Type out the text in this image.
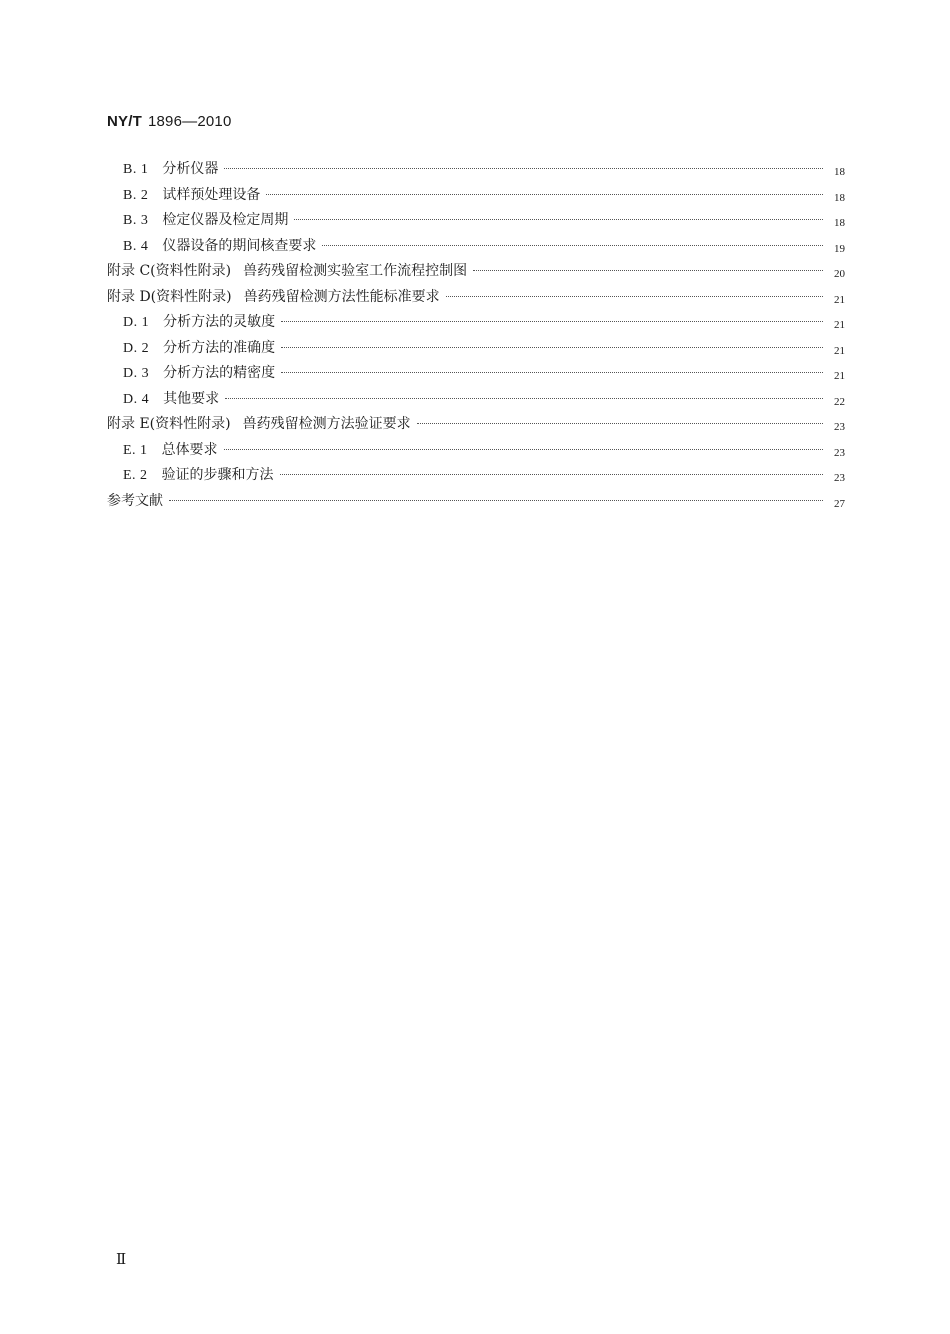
NY/T 1896—2010
B. 1 分析仪器	18
B. 2 试样预处理设备	18
B. 3 检定仪器及检定周期	18
B. 4 仪器设备的期间核查要求	19
附录 C(资料性附录) 兽药残留检测实验室工作流程控制图	20
附录 D(资料性附录) 兽药残留检测方法性能标准要求	21
D. 1 分析方法的灵敏度	21
D. 2 分析方法的准确度	21
D. 3 分析方法的精密度	21
D. 4 其他要求	22
附录 E(资料性附录) 兽药残留检测方法验证要求	23
E. 1 总体要求	23
E. 2 验证的步骤和方法	23
参考文献	27
Ⅱ
